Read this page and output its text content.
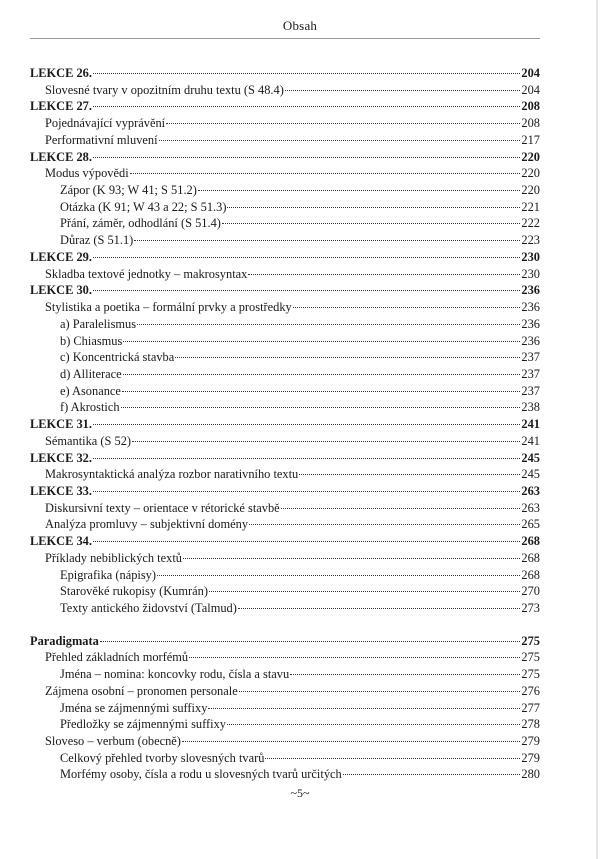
Obsah
LEKCE 26.	204
Slovesné tvary v opozitním druhu textu (S 48.4)	204
LEKCE 27.	208
Pojednávající vyprávění	208
Performativní mluvení	217
LEKCE 28.	220
Modus výpovědi	220
Zápor (K 93; W 41; S 51.2)	220
Otázka (K 91; W 43 a 22; S 51.3)	221
Přání, záměr, odhodlání (S 51.4)	222
Důraz (S 51.1)	223
LEKCE 29.	230
Skladba textové jednotky – makrosyntax	230
LEKCE 30.	236
Stylistika a poetika – formální prvky a prostředky	236
a) Paralelismus	236
b) Chiasmus	236
c) Koncentrická stavba	237
d) Alliterace	237
e) Asonance	237
f) Akrostich	238
LEKCE 31.	241
Sémantika (S 52)	241
LEKCE 32.	245
Makrosyntaktická analýza rozbor narativního textu	245
LEKCE 33.	263
Diskursivní texty – orientace v rétorické stavbě	263
Analýza promluvy – subjektivní domény	265
LEKCE 34.	268
Příklady nebiblických textů	268
Epigrafika (nápisy)	268
Starověké rukopisy (Kumrán)	270
Texty antického židovství (Talmud)	273
Paradigmata	275
Přehled základních morfémů	275
Jména – nomina: koncovky rodu, čísla a stavu	275
Zájmena osobní – pronomen personale	276
Jména se zájmennými suffixy	277
Předložky se zájmennými suffixy	278
Sloveso – verbum (obecně)	279
Celkový přehled tvorby slovesných tvarů	279
Morfémy osoby, čísla a rodu u slovesných tvarů určitých	280
~5~
